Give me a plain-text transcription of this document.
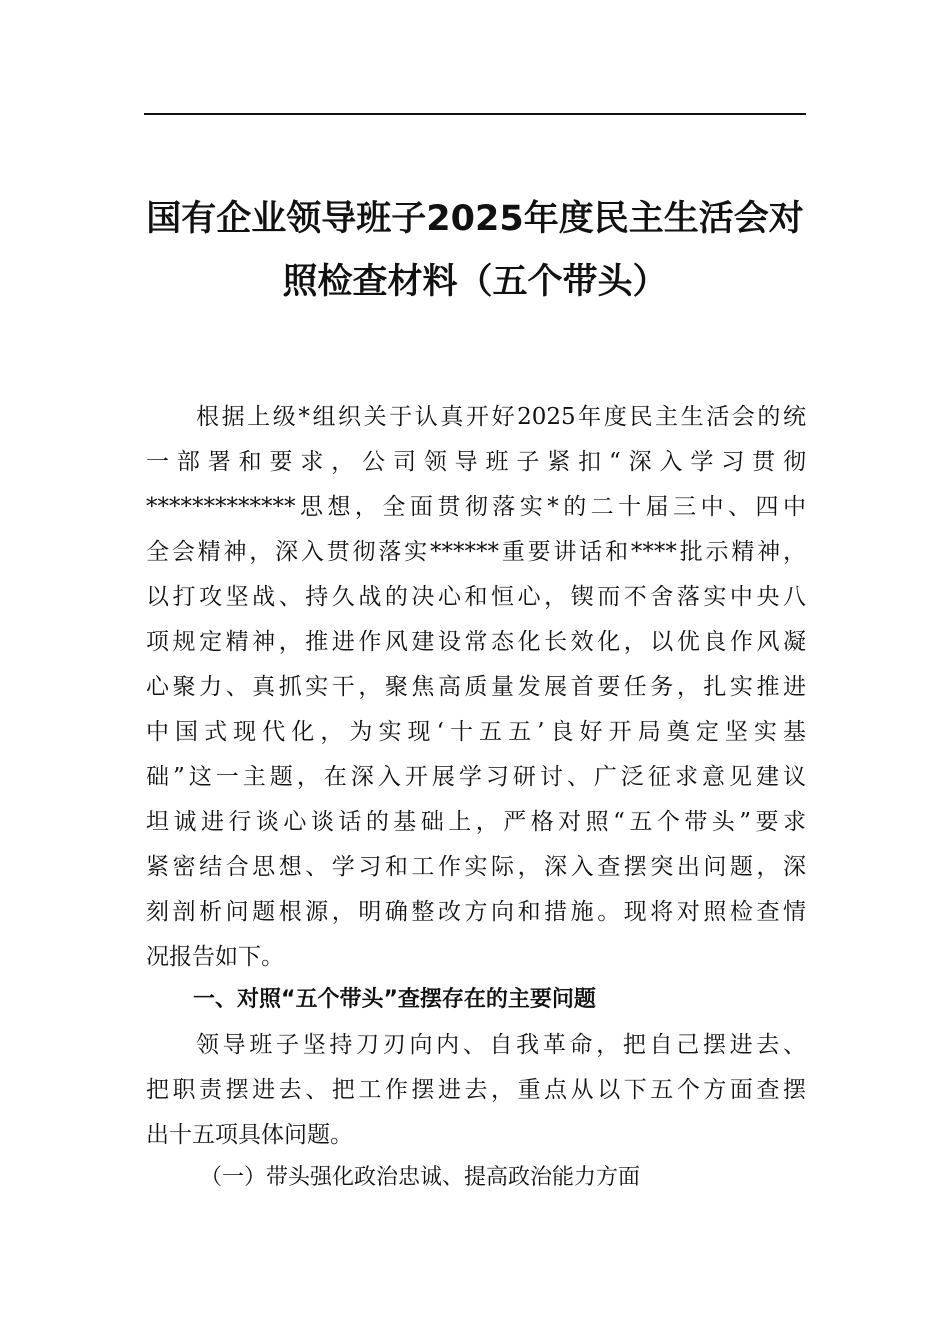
国有企业领导班子2025年度民主生活会对
照检查材料（五个带头）
根据上级*组织关于认真开好2025年度民主生活会的统
一部署和要求，公司领导班子紧扣“深入学习贯彻
*************思想，全面贯彻落实*的二十届三中、四中
全会精神，深入贯彻落实******重要讲话和****批示精神，
以打攻坚战、持久战的决心和恒心，锲而不舍落实中央八
项规定精神，推进作风建设常态化长效化，以优良作风凝
心聚力、真抓实干，聚焦高质量发展首要任务，扎实推进
中国式现代化，为实现‘十五五’良好开局奠定坚实基
础”这一主题，在深入开展学习研讨、广泛征求意见建议
坦诚进行谈心谈话的基础上，严格对照“五个带头”要求
紧密结合思想、学习和工作实际，深入查摆突出问题，深
刻剖析问题根源，明确整改方向和措施。现将对照检查情
况报告如下。
一、对照“五个带头”查摆存在的主要问题
领导班子坚持刀刃向内、自我革命，把自己摆进去、
把职责摆进去、把工作摆进去，重点从以下五个方面查摆
出十五项具体问题。
（一）带头强化政治忠诚、提高政治能力方面
